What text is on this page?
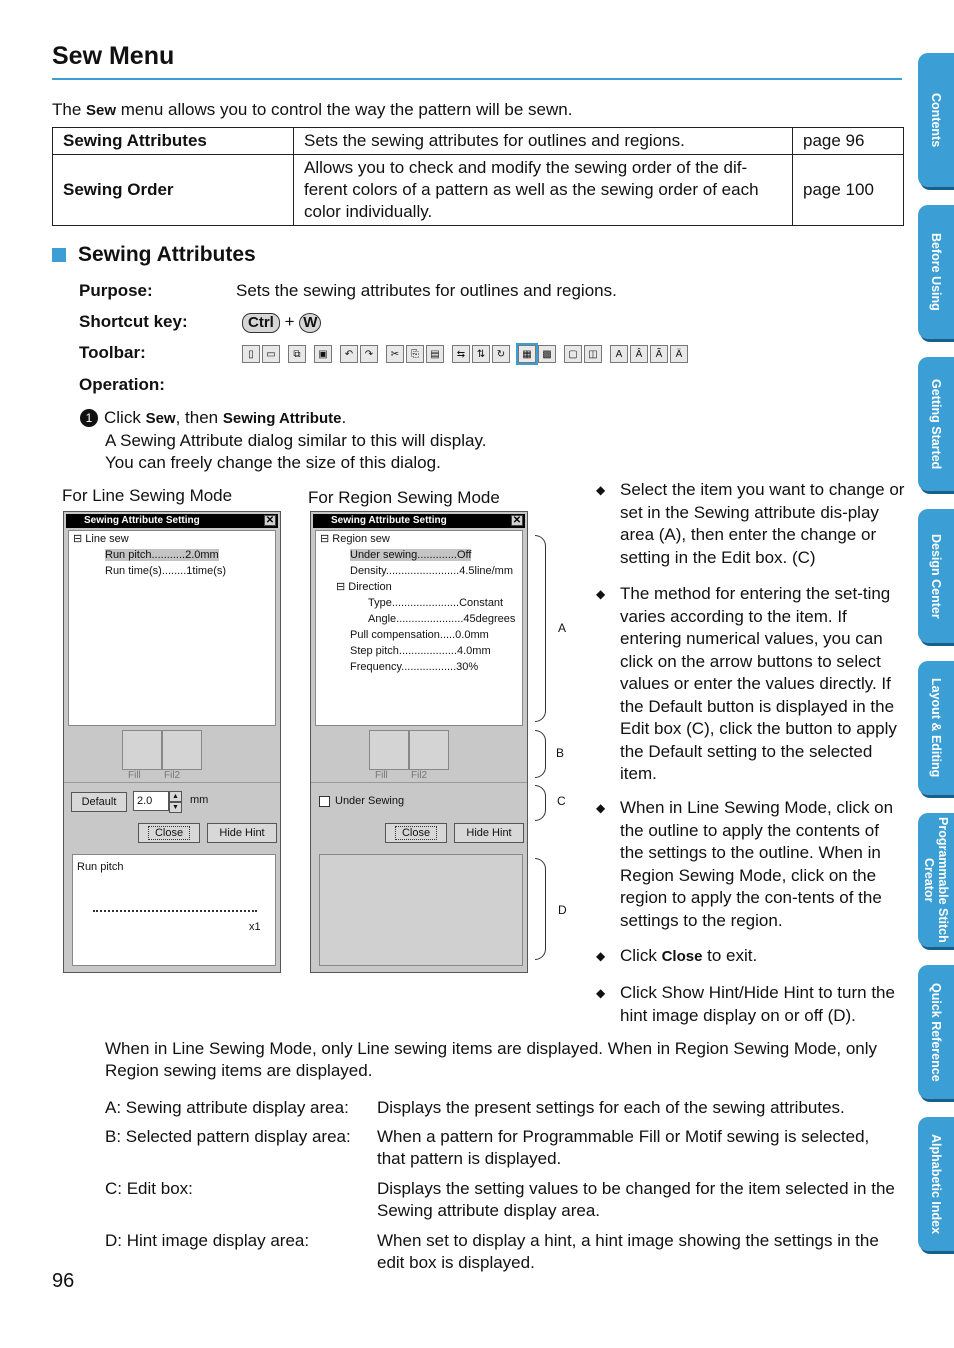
Sew Menu
The Sew menu allows you to control the way the pattern will be sewn.
Sewing Attributes	Sets the sewing attributes for outlines and regions.	page 96
Sewing Order	Allows you to check and modify the sewing order of the dif-ferent colors of a pattern as well as the sewing order of each color individually.	page 100
Sewing Attributes
Purpose:	Sets the sewing attributes for outlines and regions.
Shortcut key:	Ctrl + W
Toolbar:	▯	▭	⧉	▣	↶	↷	✂	⎘	▤	⇆	⇅	↻	▦	▩	▢	◫	A	Â	Ã	Ä
Operation:
1 Click Sew, then Sewing Attribute.
A Sewing Attribute dialog similar to this will display.
You can freely change the size of this dialog.
For Line Sewing Mode	For Region Sewing Mode
Sewing Attribute Setting	✕
⊟ Line sew
Run pitch...........2.0mm
Run time(s)........1time(s)
Fill Fil2
Default	2.0	▲
▼
mm
Close	Hide Hint
Run pitch
x1
Sewing Attribute Setting	✕
⊟ Region sew
Under sewing.............Off
Density........................4.5line/mm
⊟ Direction
Type......................Constant
Angle......................45degrees
Pull compensation.....0.0mm
Step pitch...................4.0mm
Frequency..................30%
Fill Fil2
Under Sewing
Close	Hide Hint
A
B
C
D
◆ Select the item you want to change or set in the Sewing attribute dis-play area (A), then enter the change or setting in the Edit box. (C)
◆ The method for entering the set-ting varies according to the item. If entering numerical values, you can click on the arrow buttons to select values or enter the values directly. If the Default button is displayed in the Edit box (C), click the button to apply the Default setting to the selected item.
◆ When in Line Sewing Mode, click on the outline to apply the contents of the settings to the outline. When in Region Sewing Mode, click on the region to apply the con-tents of the settings to the region.
◆ Click Close to exit.
◆ Click Show Hint/Hide Hint to turn the hint image display on or off (D).
When in Line Sewing Mode, only Line sewing items are displayed. When in Region Sewing Mode, only Region sewing items are displayed.
A: Sewing attribute display area:	Displays the present settings for each of the sewing attributes.
B: Selected pattern display area:	When a pattern for Programmable Fill or Motif sewing is selected, that pattern is displayed.
C: Edit box:	Displays the setting values to be changed for the item selected in the Sewing attribute display area.
D: Hint image display area:	When set to display a hint, a hint image showing the settings in the edit box is displayed.
96
Contents
Before Using
Getting Started
Design Center
Layout & Editing
Programmable Stitch Creator
Quick Reference
Alphabetic Index
